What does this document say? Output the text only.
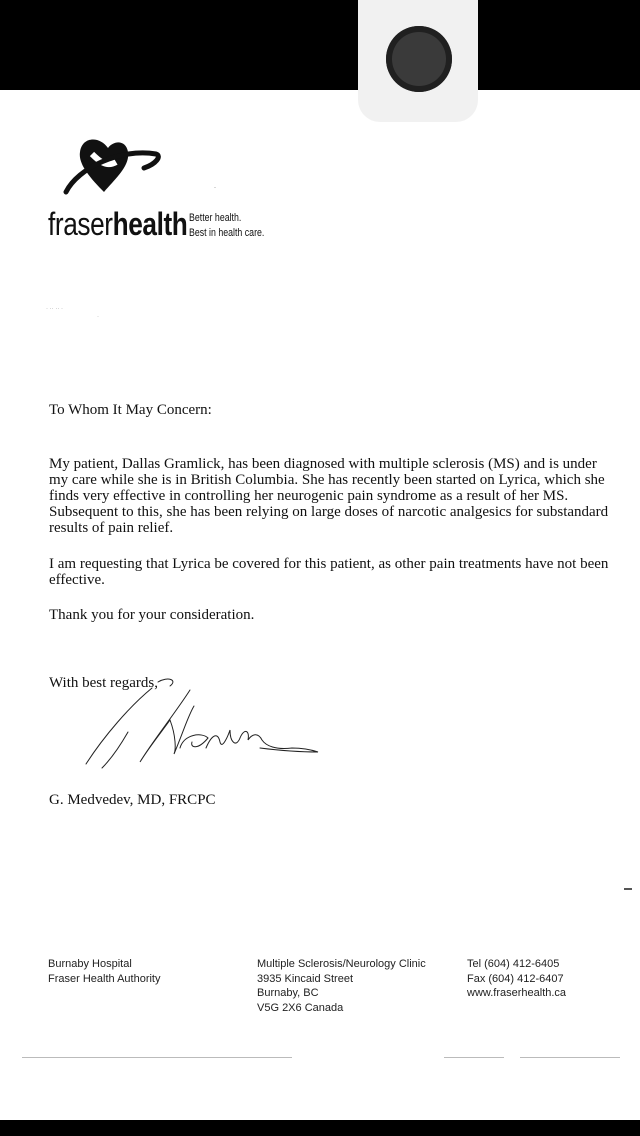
fraserhealth Better health.
Best in health care.
· ·· ·· ·
·
-
To Whom It May Concern:
My patient, Dallas Gramlick, has been diagnosed with multiple sclerosis (MS) and is under my care while she is in British Columbia. She has recently been started on Lyrica, which she finds very effective in controlling her neurogenic pain syndrome as a result of her MS. Subsequent to this, she has been relying on large doses of narcotic analgesics for substandard results of pain relief.
I am requesting that Lyrica be covered for this patient, as other pain treatments have not been effective.
Thank you for your consideration.
With best regards,
G. Medvedev, MD, FRCPC
Burnaby Hospital
Fraser Health Authority
Multiple Sclerosis/Neurology Clinic
3935 Kincaid Street
Burnaby, BC
V5G 2X6 Canada
Tel (604) 412-6405
Fax (604) 412-6407
www.fraserhealth.ca
